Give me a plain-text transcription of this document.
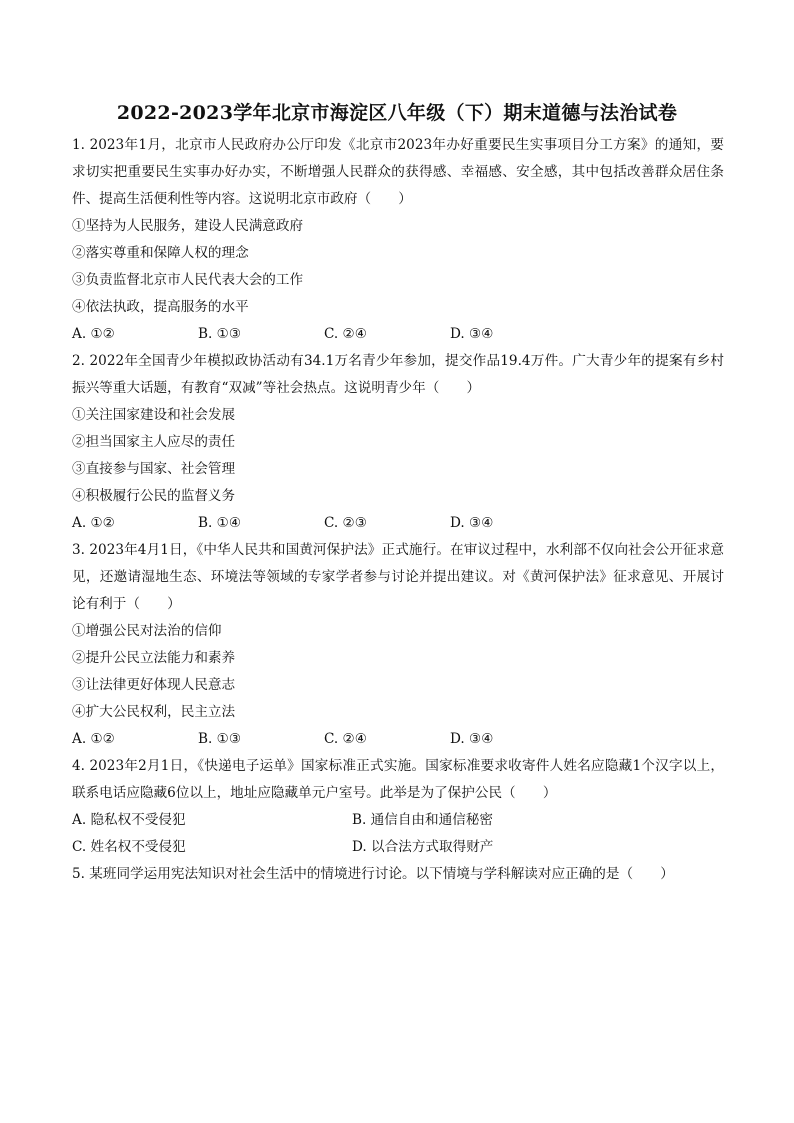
2022-2023学年北京市海淀区八年级（下）期末道德与法治试卷

1. 2023年1月，北京市人民政府办公厅印发《北京市2023年办好重要民生实事项目分工方案》的通知，要求切实把重要民生实事办好办实，不断增强人民群众的获得感、幸福感、安全感，其中包括改善群众居住条件、提高生活便利性等内容。这说明北京市政府（　　）

①坚持为人民服务，建设人民满意政府

②落实尊重和保障人权的理念

③负责监督北京市人民代表大会的工作

④依法执政，提高服务的水平

A. ①②	B. ①③	C. ②④	D. ③④

2. 2022年全国青少年模拟政协活动有34.1万名青少年参加，提交作品19.4万件。广大青少年的提案有乡村振兴等重大话题，有教育“双减”等社会热点。这说明青少年（　　）

①关注国家建设和社会发展

②担当国家主人应尽的责任

③直接参与国家、社会管理

④积极履行公民的监督义务

A. ①②	B. ①④	C. ②③	D. ③④

3. 2023年4月1日，《中华人民共和国黄河保护法》正式施行。在审议过程中，水利部不仅向社会公开征求意见，还邀请湿地生态、环境法等领域的专家学者参与讨论并提出建议。对《黄河保护法》征求意见、开展讨论有利于（　　）

①增强公民对法治的信仰

②提升公民立法能力和素养

③让法律更好体现人民意志

④扩大公民权利，民主立法

A. ①②	B. ①③	C. ②④	D. ③④

4. 2023年2月1日，《快递电子运单》国家标准正式实施。国家标准要求收寄件人姓名应隐藏1个汉字以上，联系电话应隐藏6位以上，地址应隐藏单元户室号。此举是为了保护公民（　　）

A. 隐私权不受侵犯	B. 通信自由和通信秘密
C. 姓名权不受侵犯	D. 以合法方式取得财产

5. 某班同学运用宪法知识对社会生活中的情境进行讨论。以下情境与学科解读对应正确的是（　　）
